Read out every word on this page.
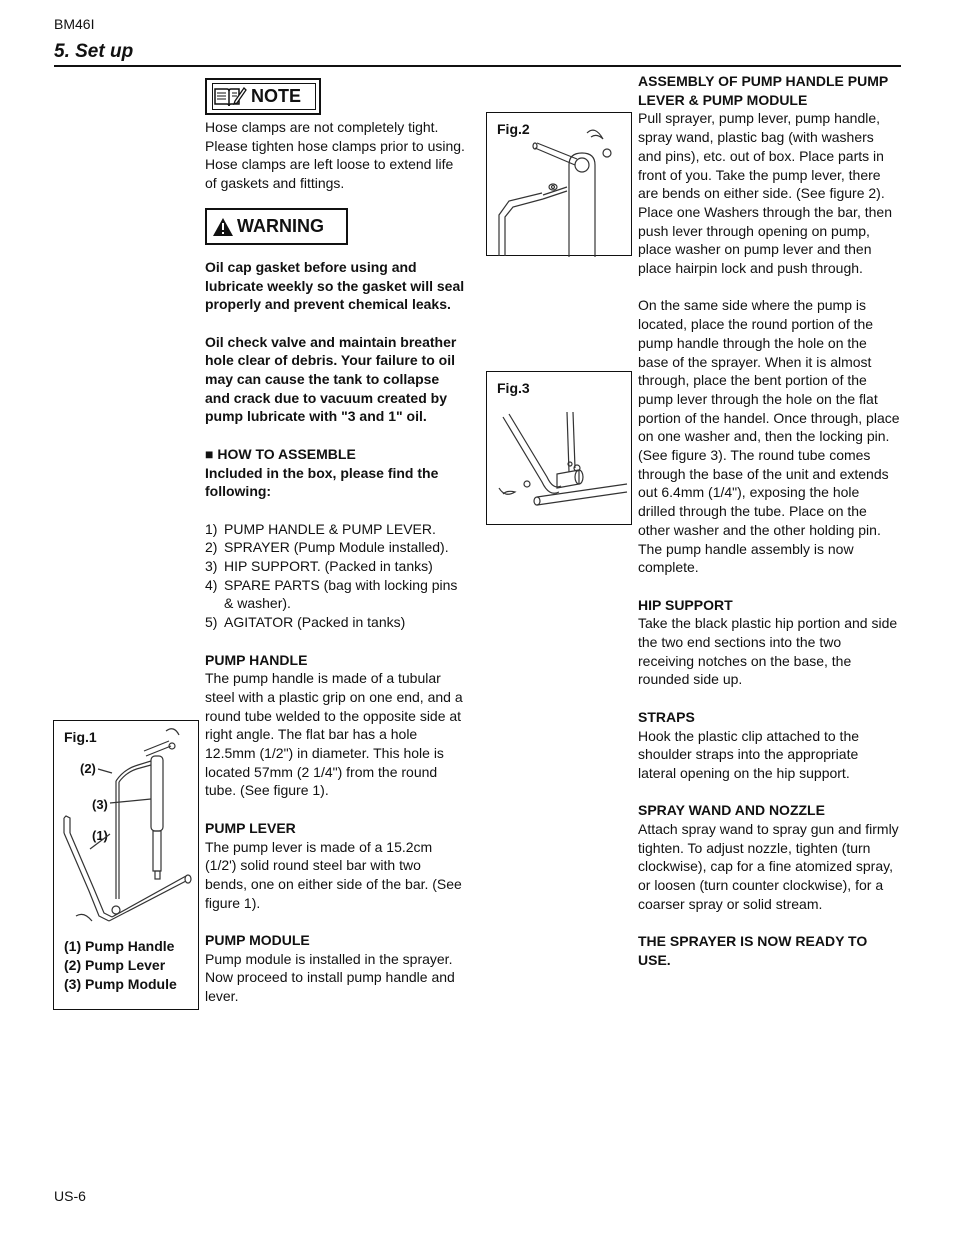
BM46I
5. Set up
NOTE
WARNING

Hose clamps are not completely tight.

Please tighten hose clamps prior to using.

Hose clamps are left loose to extend life

of gaskets and fittings.

Oil cap gasket before using and

lubricate weekly so the gasket will seal

properly and prevent chemical leaks.

Oil check valve and maintain breather

hole clear of debris. Your failure to oil

may can cause the tank to collapse

and crack due to vacuum created by

pump lubricate with "3 and 1" oil.

■ HOW TO ASSEMBLE

Included in the box, please find the

following:

1) PUMP HANDLE & PUMP LEVER.
2) SPRAYER (Pump Module installed).
3) HIP SUPPORT. (Packed in tanks)
4) SPARE PARTS (bag with locking pins
& washer).
5) AGITATOR (Packed in tanks)

PUMP HANDLE

The pump handle is made of a tubular

steel with a plastic grip on one end, and a

round tube welded to the opposite side at

right angle. The flat bar has a hole

12.5mm (1/2") in diameter. This hole is

located 57mm (2 1/4") from the round

tube. (See figure 1).

PUMP LEVER

The pump lever is made of a 15.2cm

(1/2') solid round steel bar with two

bends, one on either side of the bar. (See

figure 1).

PUMP MODULE

Pump module is installed in the sprayer.

Now proceed to install pump handle and

lever.

ASSEMBLY OF PUMP HANDLE PUMP

LEVER & PUMP MODULE

Pull sprayer, pump lever, pump handle,

spray wand, plastic bag (with washers

and pins), etc. out of box. Place parts in

front of you. Take the pump lever, there

are bends on either side. (See figure 2).

Place one Washers through the bar, then

push lever through opening on pump,

place washer on pump lever and then

place hairpin lock and push through.

On the same side where the pump is

located, place the round portion of the

pump handle through the hole on the

base of the sprayer. When it is almost

through, place the bent portion of the

pump lever through the hole on the flat

portion of the handel. Once through, place

on one washer and, then the locking pin.

(See figure 3). The round tube comes

through the base of the unit and extends

out 6.4mm (1/4"), exposing the hole

drilled through the tube. Place on the

other washer and the other holding pin.

The pump handle assembly is now

complete.

HIP SUPPORT

Take the black plastic hip portion and side

the two end sections into the two

receiving notches on the base, the

rounded side up.

STRAPS

Hook the plastic clip attached to the

shoulder straps into the appropriate

lateral opening on the hip support.

SPRAY WAND AND NOZZLE

Attach spray wand to spray gun and firmly

tighten. To adjust nozzle, tighten (turn

clockwise), cap for a fine atomized spray,

or loosen (turn counter clockwise), for a

coarser spray or solid stream.

THE SPRAYER IS NOW READY TO

USE.

Fig.1
(2)
(3)
(1)
(1) Pump Handle
(2) Pump Lever
(3) Pump Module
Fig.2
Fig.3
US-6
